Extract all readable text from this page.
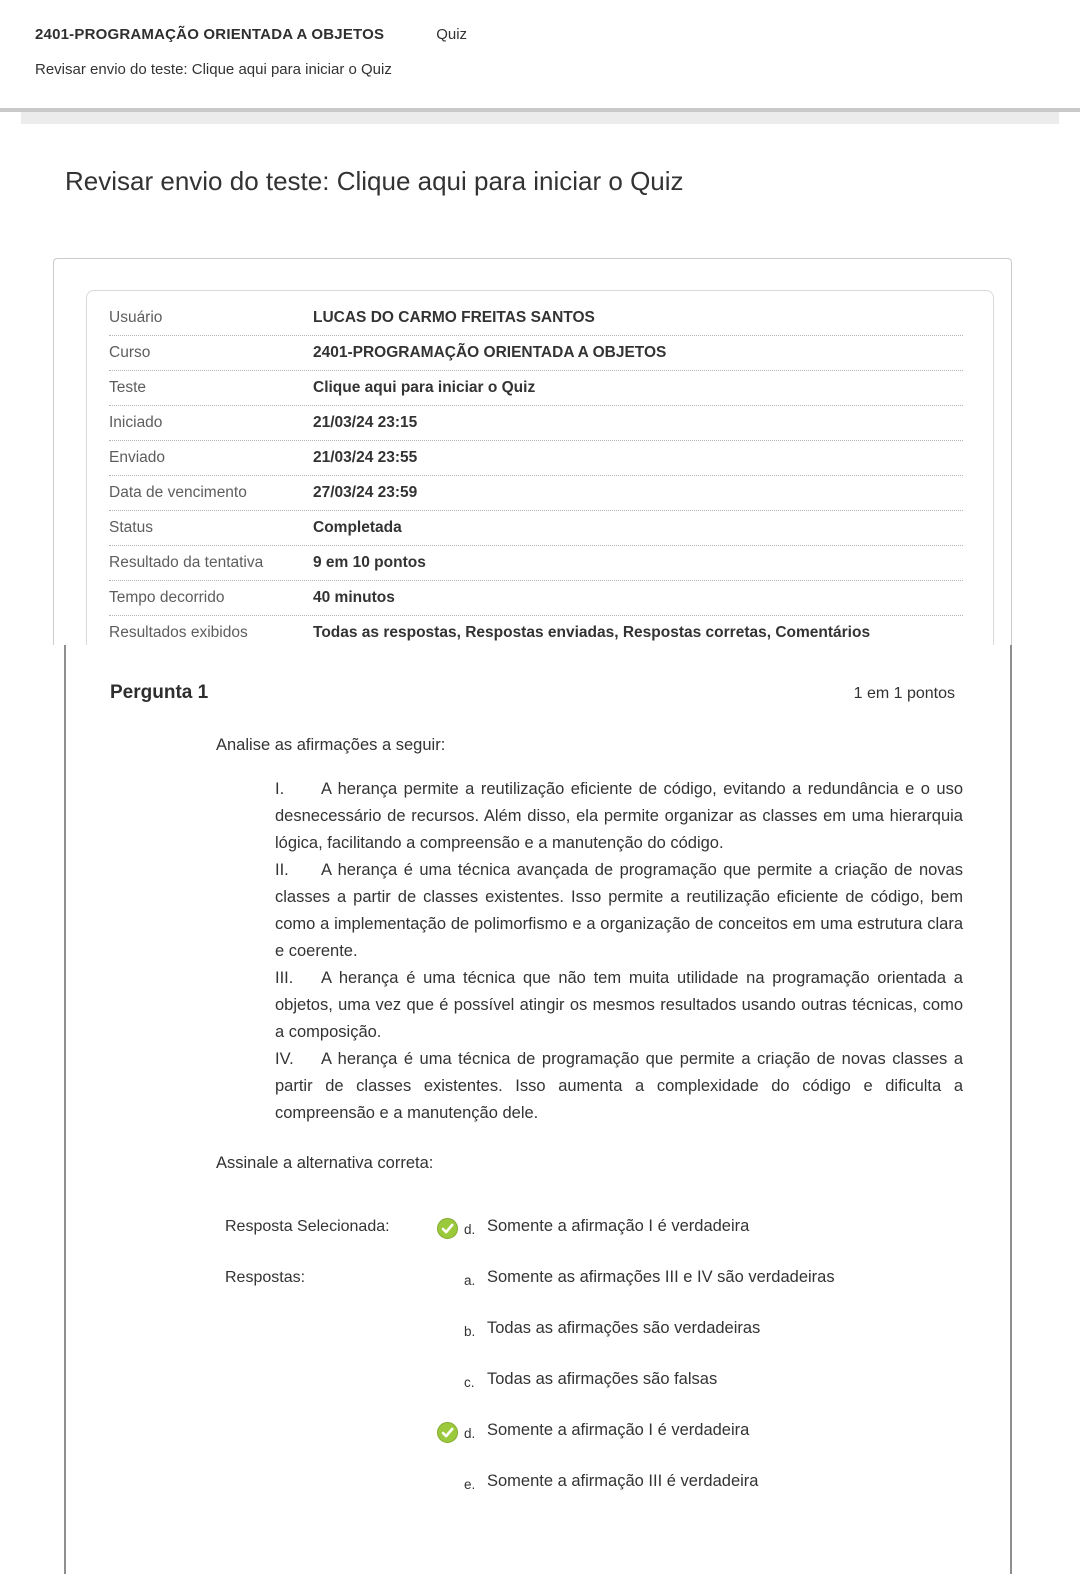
2401-PROGRAMAÇÃO ORIENTADA A OBJETOS	Quiz
Revisar envio do teste: Clique aqui para iniciar o Quiz
Revisar envio do teste: Clique aqui para iniciar o Quiz
Usuário	LUCAS DO CARMO FREITAS SANTOS
Curso	2401-PROGRAMAÇÃO ORIENTADA A OBJETOS
Teste	Clique aqui para iniciar o Quiz
Iniciado	21/03/24 23:15
Enviado	21/03/24 23:55
Data de vencimento	27/03/24 23:59
Status	Completada
Resultado da tentativa	9 em 10 pontos
Tempo decorrido	40 minutos
Resultados exibidos	Todas as respostas, Respostas enviadas, Respostas corretas, Comentários
Pergunta 1	1 em 1 pontos
Analise as afirmações a seguir:

I. A herança permite a reutilização eficiente de código, evitando a redundância e o uso desnecessário de recursos. Além disso, ela permite organizar as classes em uma hierarquia lógica, facilitando a compreensão e a manutenção do código.

II. A herança é uma técnica avançada de programação que permite a criação de novas classes a partir de classes existentes. Isso permite a reutilização eficiente de código, bem como a implementação de polimorfismo e a organização de conceitos em uma estrutura clara e coerente.

III. A herança é uma técnica que não tem muita utilidade na programação orientada a objetos, uma vez que é possível atingir os mesmos resultados usando outras técnicas, como a composição.

IV. A herança é uma técnica de programação que permite a criação de novas classes a partir de classes existentes. Isso aumenta a complexidade do código e dificulta a compreensão e a manutenção dele.

Assinale a alternativa correta:
Resposta Selecionada:	d. Somente a afirmação I é verdadeira
Respostas:	a. Somente as afirmações III e IV são verdadeiras
b. Todas as afirmações são verdadeiras
c. Todas as afirmações são falsas
d. Somente a afirmação I é verdadeira
e. Somente a afirmação III é verdadeira
